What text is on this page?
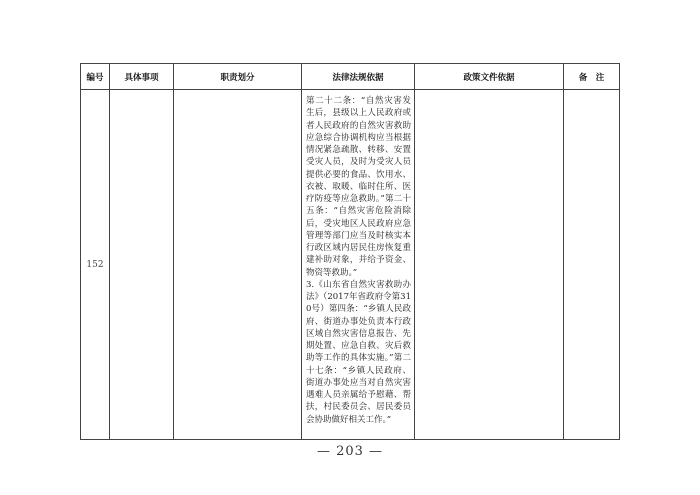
编号	具体事项	职责划分	法律法规依据	政策文件依据	备　注
152			第二十二条：“自然灾害发生后，县级以上人民政府或者人民政府的自然灾害救助应急综合协调机构应当根据情况紧急疏散、转移、安置受灾人员，及时为受灾人员提供必要的食品、饮用水、衣被、取暖、临时住所、医疗防疫等应急救助。”第二十五条：“自然灾害危险消除后，受灾地区人民政府应急管理等部门应当及时核实本行政区域内居民住房恢复重建补助对象，并给予资金、物资等救助。”
3.《山东省自然灾害救助办法》（2017年省政府令第310号）第四条：“乡镇人民政府、街道办事处负责本行政区域自然灾害信息报告、先期处置、应急自救、灾后救助等工作的具体实施。”第二十七条：“乡镇人民政府、街道办事处应当对自然灾害遇难人员亲属给予慰藉、帮扶，村民委员会、居民委员会协助做好相关工作。”		

— 203 —
